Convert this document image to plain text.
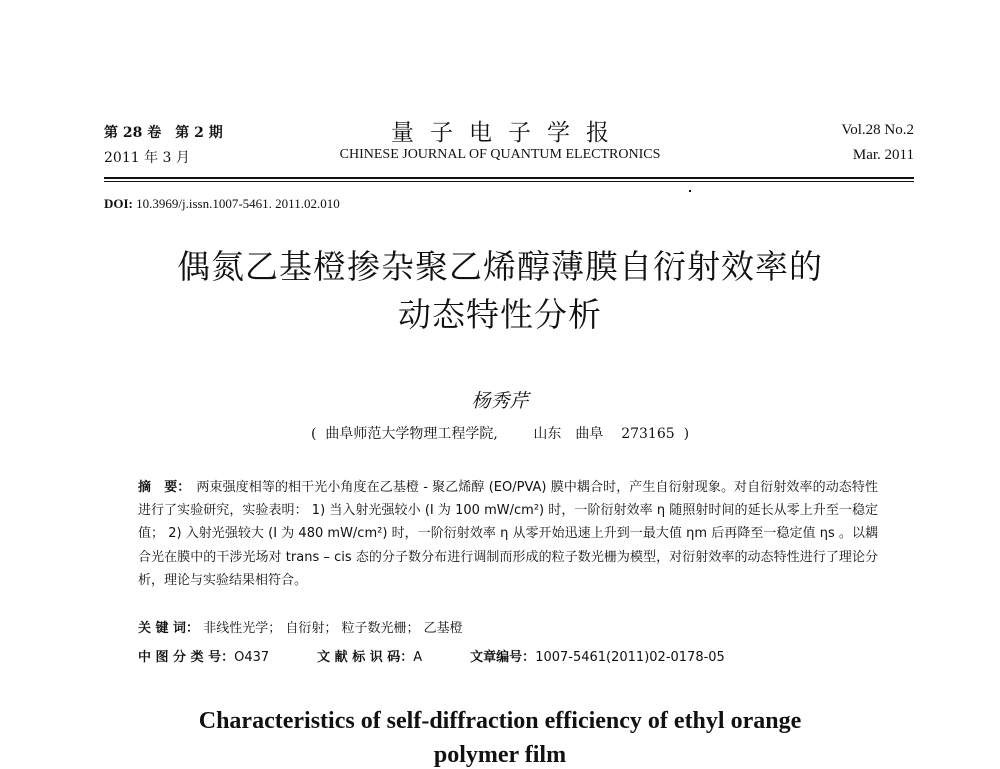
第 28 卷　第 2 期
2011 年 3 月
量子电子学报
CHINESE JOURNAL OF QUANTUM ELECTRONICS
Vol.28 No.2
Mar. 2011
DOI: 10.3969/j.issn.1007-5461. 2011.02.010
偶氮乙基橙掺杂聚乙烯醇薄膜自衍射效率的
动态特性分析
杨秀芹
( 曲阜师范大学物理工程学院,	山东　曲阜 273165 )
摘　要： 两束强度相等的相干光小角度在乙基橙 - 聚乙烯醇 (EO/PVA) 膜中耦合时，产生自衍射现象。对自衍射效率的动态特性进行了实验研究，实验表明： 1) 当入射光强较小 (I 为 100 mW/cm²) 时，一阶衍射效率 η 随照射时间的延长从零上升至一稳定值； 2) 入射光强较大 (I 为 480 mW/cm²) 时，一阶衍射效率 η 从零开始迅速上升到一最大值 ηm 后再降至一稳定值 ηs 。以耦合光在膜中的干涉光场对 trans – cis 态的分子数分布进行调制而形成的粒子数光栅为模型，对衍射效率的动态特性进行了理论分析，理论与实验结果相符合。
关 键 词： 非线性光学； 自衍射； 粒子数光栅； 乙基橙
中 图 分 类 号：O437	文 献 标 识 码：A	文章编号：1007-5461(2011)02-0178-05
Characteristics of self-diffraction efficiency of ethyl orange
polymer film
